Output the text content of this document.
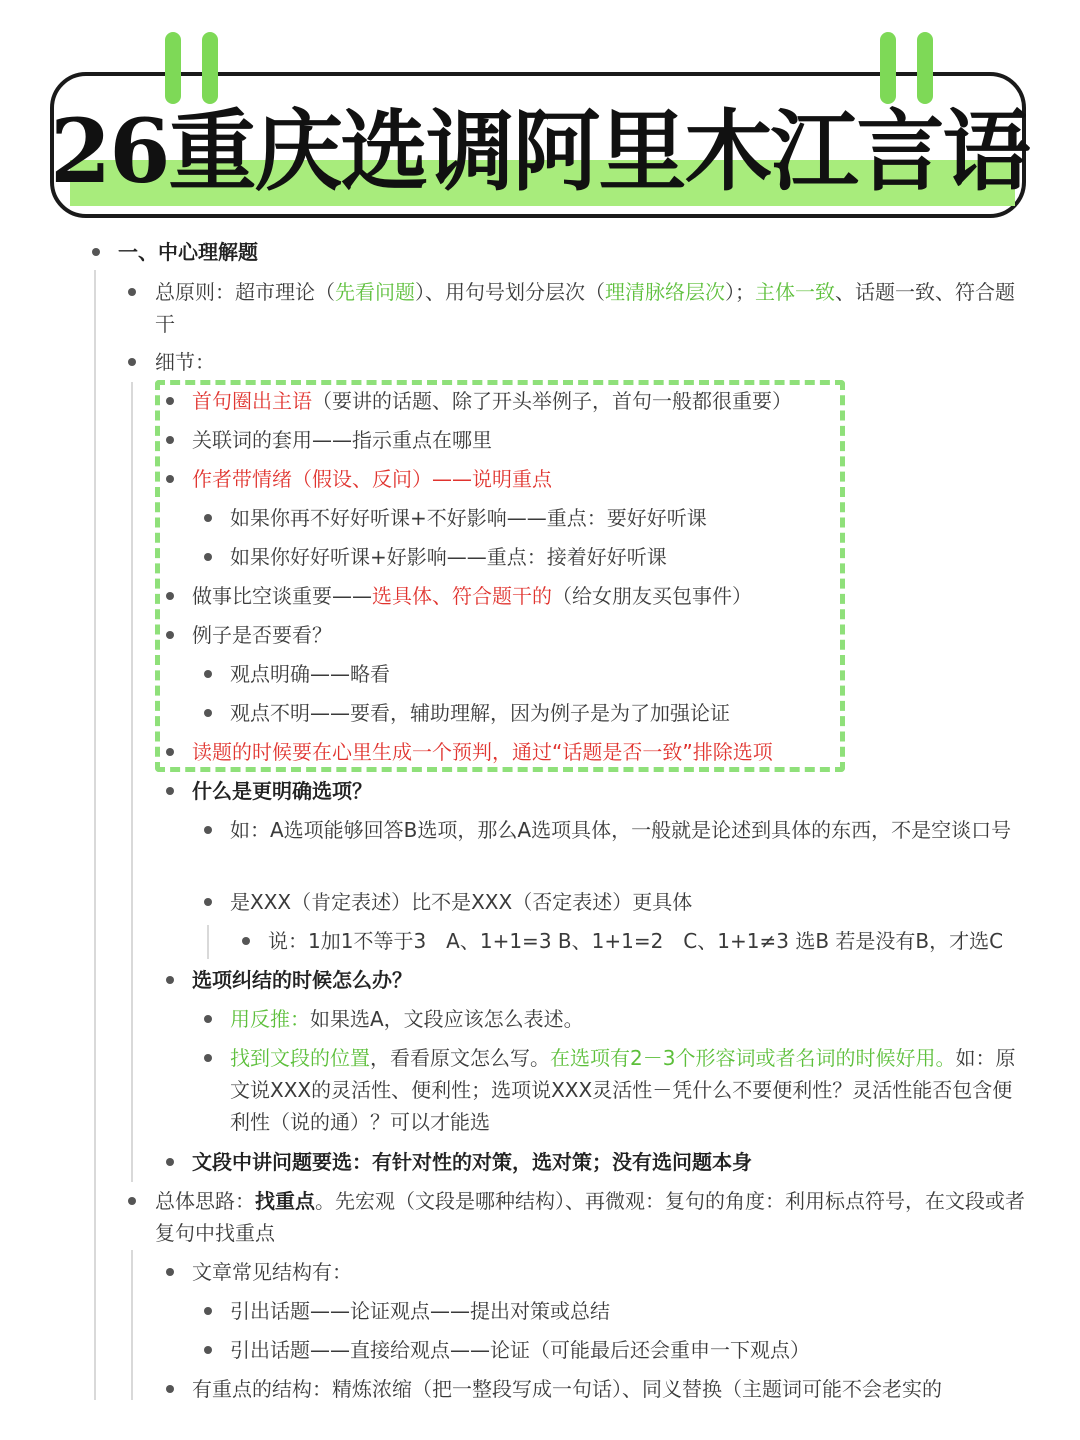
26重庆选调阿里木江言语
一、中心理解题
总原则：超市理论（先看问题）、用句号划分层次（理清脉络层次）；主体一致、话题一致、符合题干
细节：
首句圈出主语（要讲的话题、除了开头举例子，首句一般都很重要）
关联词的套用——指示重点在哪里
作者带情绪（假设、反问）——说明重点
如果你再不好好听课+不好影响——重点：要好好听课
如果你好好听课+好影响——重点：接着好好听课
做事比空谈重要——选具体、符合题干的（给女朋友买包事件）
例子是否要看？
观点明确——略看
观点不明——要看，辅助理解，因为例子是为了加强论证
读题的时候要在心里生成一个预判，通过“话题是否一致”排除选项
什么是更明确选项？
如：A选项能够回答B选项，那么A选项具体，一般就是论述到具体的东西，不是空谈口号
是XXX（肯定表述）比不是XXX（否定表述）更具体
说：1加1不等于3　A、1+1=3 B、1+1=2　C、1+1≠3 选B 若是没有B，才选C
选项纠结的时候怎么办？
用反推：如果选A，文段应该怎么表述。
找到文段的位置，看看原文怎么写。在选项有2－3个形容词或者名词的时候好用。如：原文说XXX的灵活性、便利性；选项说XXX灵活性－凭什么不要便利性？灵活性能否包含便利性（说的通）？可以才能选
文段中讲问题要选：有针对性的对策，选对策；没有选问题本身
总体思路：找重点。先宏观（文段是哪种结构）、再微观：复句的角度：利用标点符号，在文段或者复句中找重点
文章常见结构有：
引出话题——论证观点——提出对策或总结
引出话题——直接给观点——论证（可能最后还会重申一下观点）
有重点的结构：精炼浓缩（把一整段写成一句话）、同义替换（主题词可能不会老实的
